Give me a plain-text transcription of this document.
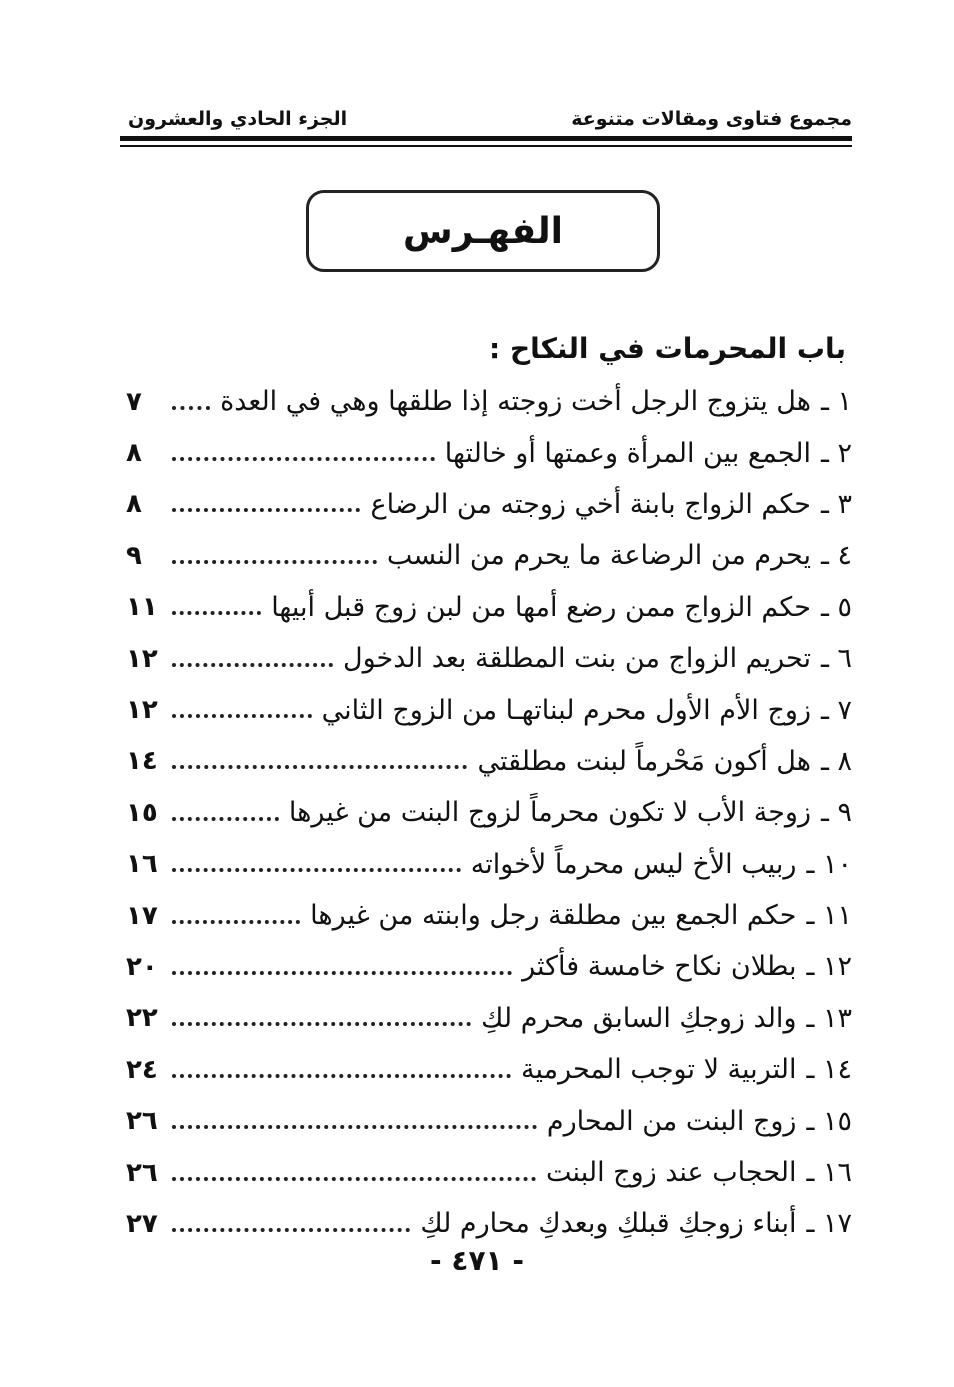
مجموع فتاوى ومقالات متنوعة
الجزء الحادي والعشرون
الفهـرس
باب المحرمات في النكاح :
١ ـ
هل يتزوج الرجل أخت زوجته إذا طلقها وهي في العدة
٧
٢ ـ
الجمع بين المرأة وعمتها أو خالتها
٨
٣ ـ
حكم الزواج بابنة أخي زوجته من الرضاع
٨
٤ ـ
يحرم من الرضاعة ما يحرم من النسب
٩
٥ ـ
حكم الزواج ممن رضع أمها من لبن زوج قبل أبيها
١١
٦ ـ
تحريم الزواج من بنت المطلقة بعد الدخول
١٢
٧ ـ
زوج الأم الأول محرم لبناتهـا من الزوج الثاني
١٢
٨ ـ
هل أكون مَحْرماً لبنت مطلقتي
١٤
٩ ـ
زوجة الأب لا تكون محرماً لزوج البنت من غيرها
١٥
١٠ ـ
ربيب الأخ ليس محرماً لأخواته
١٦
١١ ـ
حكم الجمع بين مطلقة رجل وابنته من غيرها
١٧
١٢ ـ
بطلان نكاح خامسة فأكثر
٢٠
١٣ ـ
والد زوجكِ السابق محرم لكِ
٢٢
١٤ ـ
التربية لا توجب المحرمية
٢٤
١٥ ـ
زوج البنت من المحارم
٢٦
١٦ ـ
الحجاب عند زوج البنت
٢٦
١٧ ـ
أبناء زوجكِ قبلكِ وبعدكِ محارم لكِ
٢٧
- ٤٧١ -
